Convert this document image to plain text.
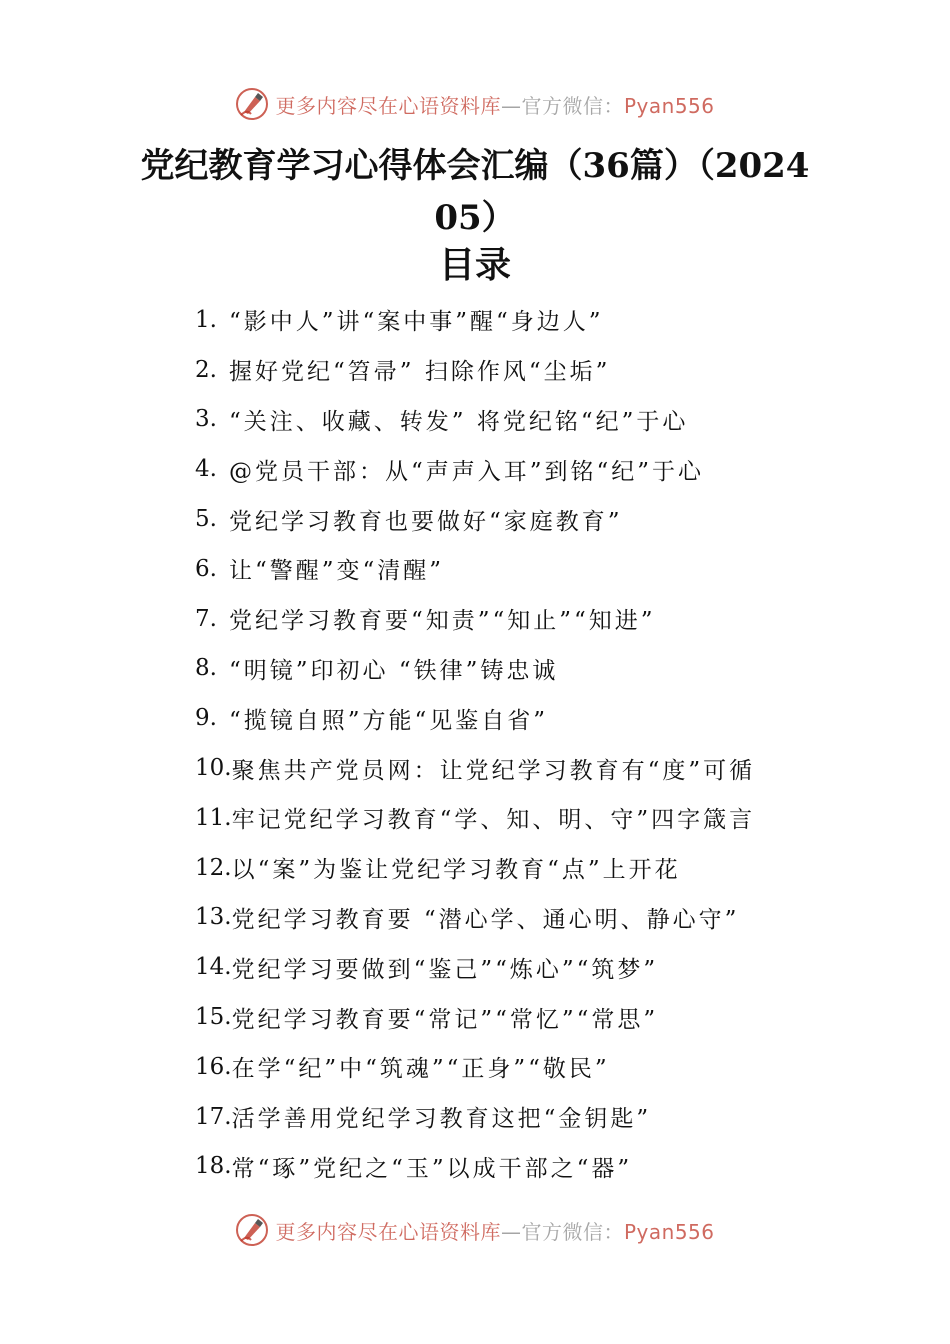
更多内容尽在心语资料库—官方微信：Pyan556
党纪教育学习心得体会汇编（36篇）（202405）
目录
1. “影中人”讲“案中事”醒“身边人”
2. 握好党纪“笤帚” 扫除作风“尘垢”
3. “关注、收藏、转发” 将党纪铭“纪”于心
4. @党员干部：从“声声入耳”到铭“纪”于心
5. 党纪学习教育也要做好“家庭教育”
6. 让“警醒”变“清醒”
7. 党纪学习教育要“知责”“知止”“知进”
8. “明镜”印初心 “铁律”铸忠诚
9. “揽镜自照”方能“见鉴自省”
10. 聚焦共产党员网：让党纪学习教育有“度”可循
11. 牢记党纪学习教育“学、知、明、守”四字箴言
12. 以“案”为鉴让党纪学习教育“点”上开花
13. 党纪学习教育要 “潜心学、通心明、静心守”
14. 党纪学习要做到“鉴己”“炼心”“筑梦”
15. 党纪学习教育要“常记”“常忆”“常思”
16. 在学“纪”中“筑魂”“正身”“敬民”
17. 活学善用党纪学习教育这把“金钥匙”
18. 常“琢”党纪之“玉”以成干部之“器”
更多内容尽在心语资料库—官方微信：Pyan556
